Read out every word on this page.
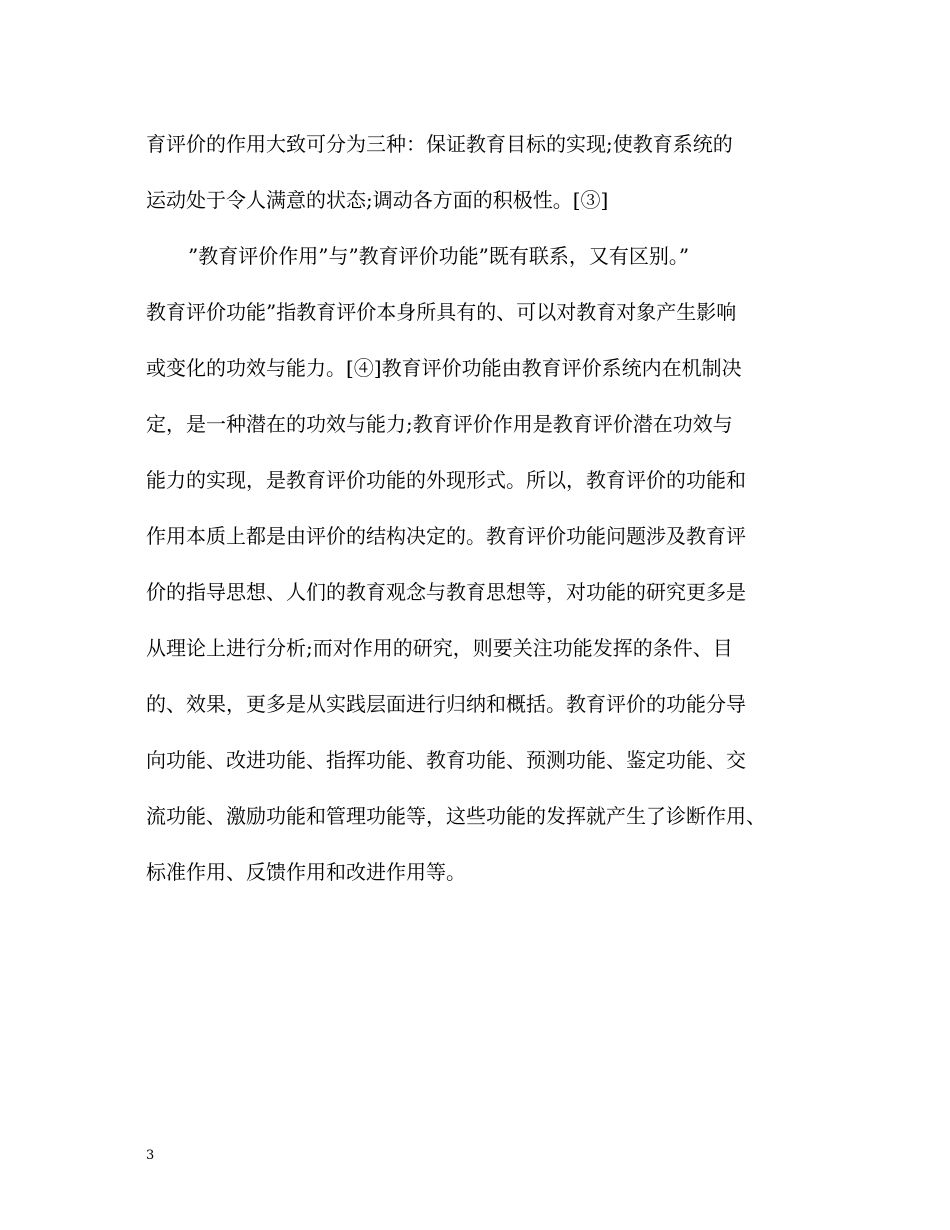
育评价的作用大致可分为三种：保证教育目标的实现;使教育系统的
运动处于令人满意的状态;调动各方面的积极性。[③]
”教育评价作用”与”教育评价功能”既有联系，又有区别。”
教育评价功能”指教育评价本身所具有的、可以对教育对象产生影响
或变化的功效与能力。[④]教育评价功能由教育评价系统内在机制决
定，是一种潜在的功效与能力;教育评价作用是教育评价潜在功效与
能力的实现，是教育评价功能的外现形式。所以，教育评价的功能和
作用本质上都是由评价的结构决定的。教育评价功能问题涉及教育评
价的指导思想、人们的教育观念与教育思想等，对功能的研究更多是
从理论上进行分析;而对作用的研究，则要关注功能发挥的条件、目
的、效果，更多是从实践层面进行归纳和概括。教育评价的功能分导
向功能、改进功能、指挥功能、教育功能、预测功能、鉴定功能、交
流功能、激励功能和管理功能等，这些功能的发挥就产生了诊断作用、
标准作用、反馈作用和改进作用等。
3
